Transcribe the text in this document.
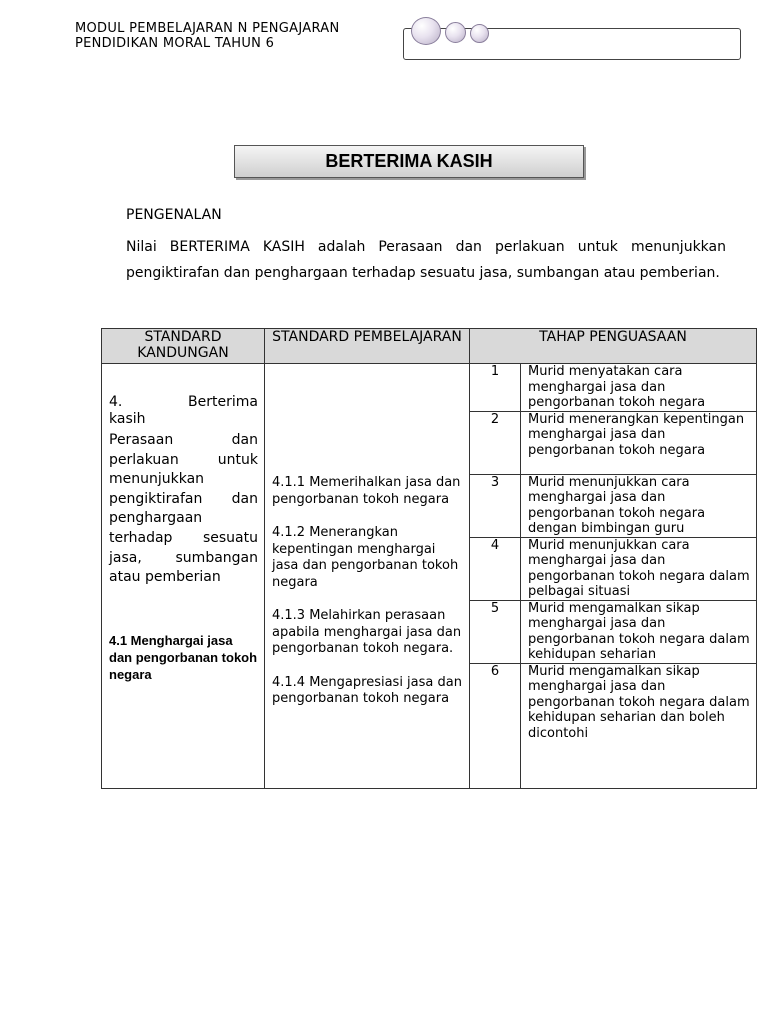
MODUL PEMBELAJARAN N PENGAJARAN
PENDIDIKAN MORAL TAHUN 6
BERTERIMA KASIH
PENGENALAN
Nilai BERTERIMA KASIH adalah Perasaan dan perlakuan untuk menunjukkan pengiktirafan dan penghargaan terhadap sesuatu jasa, sumbangan atau pemberian.
STANDARD KANDUNGAN	STANDARD PEMBELAJARAN	TAHAP PENGUASAAN

4.	Berterima
kasih
Perasaan dan perlakuan untuk menunjukkan pengiktirafan dan penghargaan terhadap sesuatu jasa, sumbangan atau pemberian
4.1 Menghargai jasa dan pengorbanan tokoh negara

4.1.1 Memerihalkan jasa dan pengorbanan tokoh negara

4.1.2 Menerangkan kepentingan menghargai jasa dan pengorbanan tokoh negara

4.1.3 Melahirkan perasaan apabila menghargai jasa dan pengorbanan tokoh negara.

4.1.4 Mengapresiasi jasa dan pengorbanan tokoh negara

1	Murid menyatakan cara menghargai jasa dan pengorbanan tokoh negara
2	Murid menerangkan kepentingan menghargai jasa dan pengorbanan tokoh negara
3	Murid menunjukkan cara menghargai jasa dan pengorbanan tokoh negara dengan bimbingan guru
4	Murid menunjukkan cara menghargai jasa dan pengorbanan tokoh negara dalam pelbagai situasi
5	Murid mengamalkan sikap menghargai jasa dan pengorbanan tokoh negara dalam kehidupan seharian
6	Murid mengamalkan sikap menghargai jasa dan pengorbanan tokoh negara dalam kehidupan seharian dan boleh dicontohi
